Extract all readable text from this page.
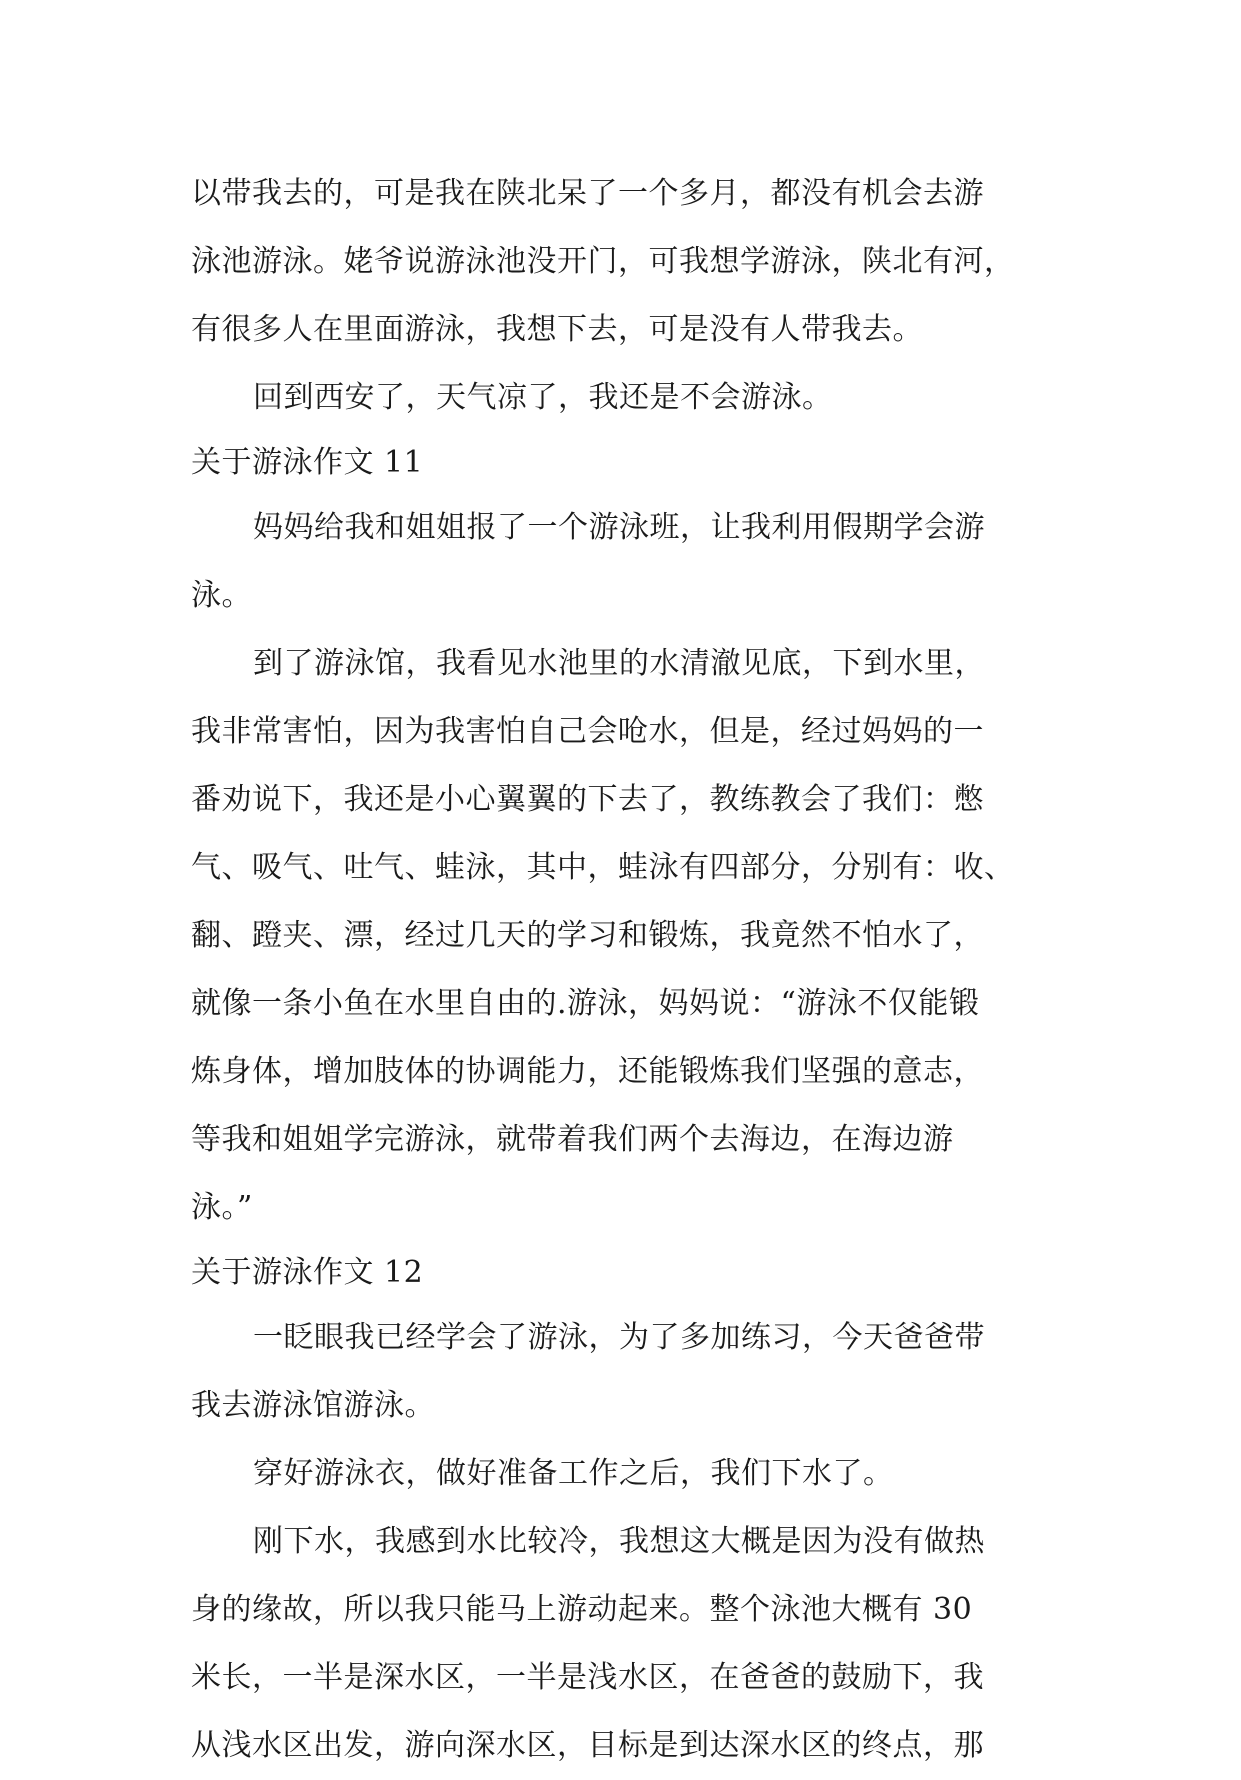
以带我去的，可是我在陕北呆了一个多月，都没有机会去游
泳池游泳。姥爷说游泳池没开门，可我想学游泳，陕北有河，
有很多人在里面游泳，我想下去，可是没有人带我去。
回到西安了，天气凉了，我还是不会游泳。
关于游泳作文 11
妈妈给我和姐姐报了一个游泳班，让我利用假期学会游
泳。
到了游泳馆，我看见水池里的水清澈见底，下到水里，
我非常害怕，因为我害怕自己会呛水，但是，经过妈妈的一
番劝说下，我还是小心翼翼的下去了，教练教会了我们：憋
气、吸气、吐气、蛙泳，其中，蛙泳有四部分，分别有：收、
翻、蹬夹、漂，经过几天的学习和锻炼，我竟然不怕水了，
就像一条小鱼在水里自由的.游泳，妈妈说：“游泳不仅能锻
炼身体，增加肢体的协调能力，还能锻炼我们坚强的意志，
等我和姐姐学完游泳，就带着我们两个去海边，在海边游
泳。”
关于游泳作文 12
一眨眼我已经学会了游泳，为了多加练习，今天爸爸带
我去游泳馆游泳。
穿好游泳衣，做好准备工作之后，我们下水了。
刚下水，我感到水比较冷，我想这大概是因为没有做热
身的缘故，所以我只能马上游动起来。整个泳池大概有 30
米长，一半是深水区，一半是浅水区，在爸爸的鼓励下，我
从浅水区出发，游向深水区，目标是到达深水区的终点，那
